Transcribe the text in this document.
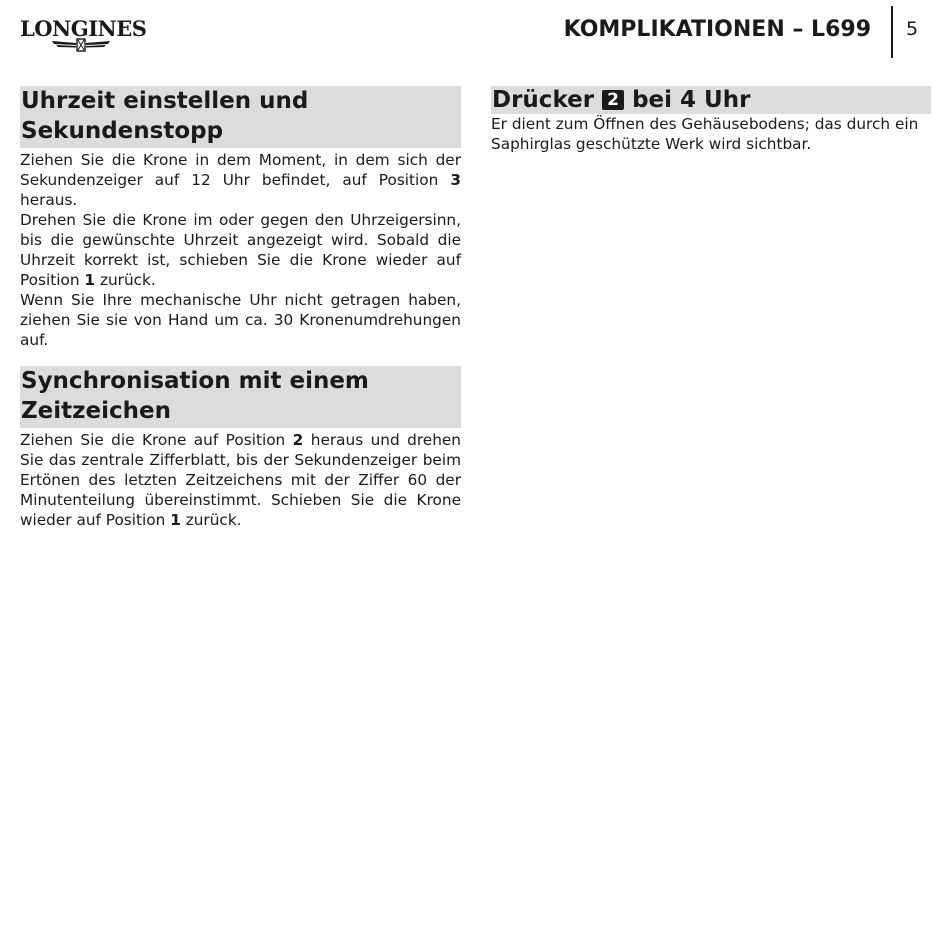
LONGINES	KOMPLIKATIONEN – L699 5
Uhrzeit einstellen und Sekundenstopp

Ziehen Sie die Krone in dem Moment, in dem sich der Sekundenzeiger auf 12 Uhr befindet, auf Position 3 heraus.

Drehen Sie die Krone im oder gegen den Uhrzeigersinn, bis die gewünschte Uhrzeit angezeigt wird. Sobald die Uhrzeit korrekt ist, schieben Sie die Krone wieder auf Position 1 zurück.

Wenn Sie Ihre mechanische Uhr nicht getragen haben, ziehen Sie sie von Hand um ca. 30 Kronenumdrehungen auf.

Synchronisation mit einem Zeitzeichen

Ziehen Sie die Krone auf Position 2 heraus und drehen Sie das zentrale Zifferblatt, bis der Sekundenzeiger beim Ertönen des letzten Zeitzeichens mit der Ziffer 60 der Minutenteilung übereinstimmt. Schieben Sie die Krone wieder auf Position 1 zurück.

Drücker 2 bei 4 Uhr

Er dient zum Öffnen des Gehäusebodens; das durch ein Saphirglas geschützte Werk wird sichtbar.
